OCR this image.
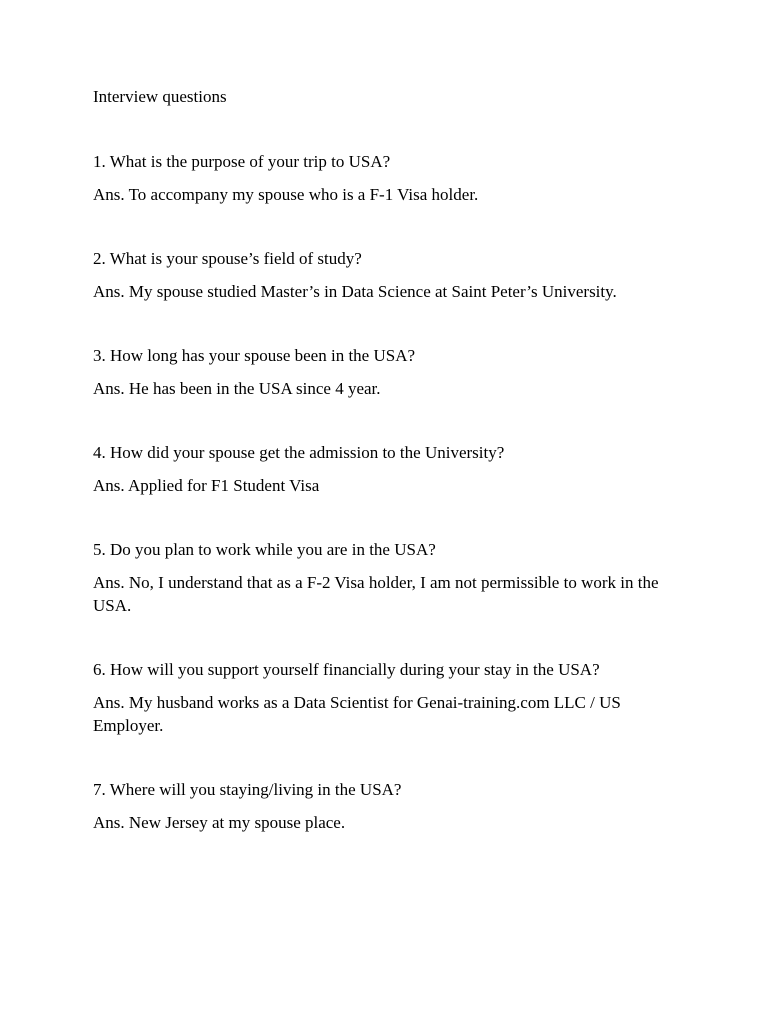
Interview questions

1. What is the purpose of your trip to USA?

Ans. To accompany my spouse who is a F-1 Visa holder.

2. What is your spouse’s field of study?

Ans. My spouse studied Master’s in Data Science at Saint Peter’s University.

3. How long has your spouse been in the USA?

Ans. He has been in the USA since 4 year.

4. How did your spouse get the admission to the University?

Ans. Applied for F1 Student Visa

5. Do you plan to work while you are in the USA?

Ans. No, I understand that as a F-2 Visa holder, I am not permissible to work in the USA.

6. How will you support yourself financially during your stay in the USA?

Ans. My husband works as a Data Scientist for Genai-training.com LLC / US Employer.

7. Where will you staying/living in the USA?

Ans. New Jersey at my spouse place.
